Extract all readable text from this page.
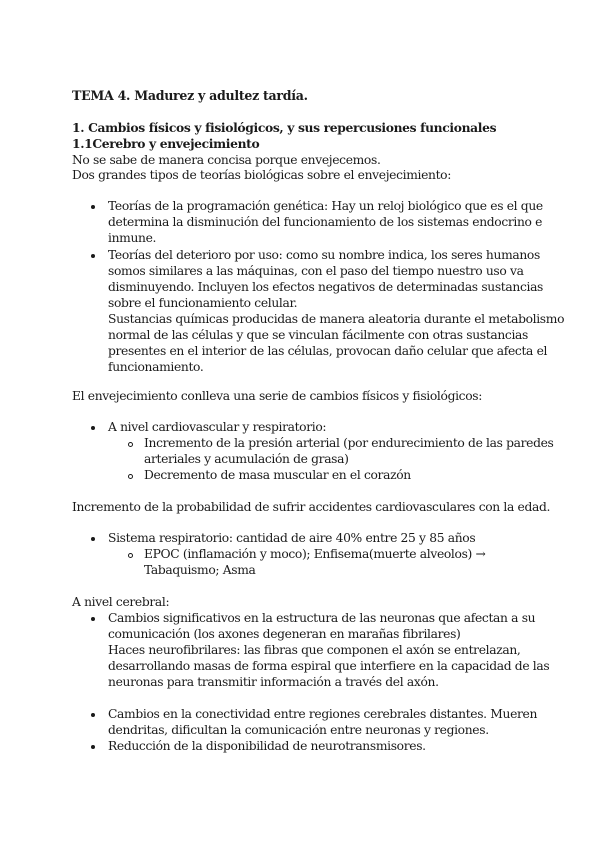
TEMA 4. Madurez y adultez tardía.
1. Cambios físicos y fisiológicos, y sus repercusiones funcionales
1.1Cerebro y envejecimiento
No se sabe de manera concisa porque envejecemos.
Dos grandes tipos de teorías biológicas sobre el envejecimiento:
Teorías de la programación genética: Hay un reloj biológico que es el que
determina la disminución del funcionamiento de los sistemas endocrino e
inmune.
Teorías del deterioro por uso: como su nombre indica, los seres humanos
somos similares a las máquinas, con el paso del tiempo nuestro uso va
disminuyendo. Incluyen los efectos negativos de determinadas sustancias
sobre el funcionamiento celular.
Sustancias químicas producidas de manera aleatoria durante el metabolismo
normal de las células y que se vinculan fácilmente con otras sustancias
presentes en el interior de las células, provocan daño celular que afecta el
funcionamiento.
El envejecimiento conlleva una serie de cambios físicos y fisiológicos:
A nivel cardiovascular y respiratorio:
Incremento de la presión arterial (por endurecimiento de las paredes
arteriales y acumulación de grasa)
Decremento de masa muscular en el corazón
Incremento de la probabilidad de sufrir accidentes cardiovasculares con la edad.
Sistema respiratorio: cantidad de aire 40% entre 25 y 85 años
EPOC (inflamación y moco); Enfisema(muerte alveolos) →
Tabaquismo; Asma
A nivel cerebral:
Cambios significativos en la estructura de las neuronas que afectan a su
comunicación (los axones degeneran en marañas fibrilares)
Haces neurofibrilares: las fibras que componen el axón se entrelazan,
desarrollando masas de forma espiral que interfiere en la capacidad de las
neuronas para transmitir información a través del axón.
Cambios en la conectividad entre regiones cerebrales distantes. Mueren
dendritas, dificultan la comunicación entre neuronas y regiones.
Reducción de la disponibilidad de neurotransmisores.
